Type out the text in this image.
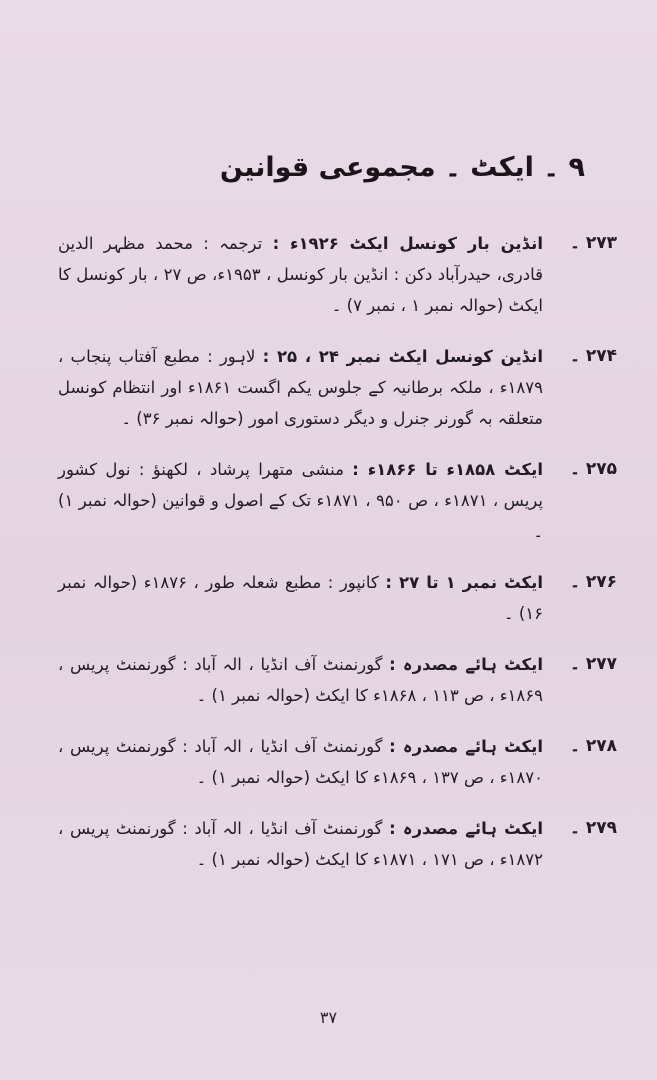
۹ ۔ ایکٹ ۔ مجموعی قوانین
۲۷۳ ۔
انڈین بار کونسل ایکٹ ۱۹۲۶ء : ترجمہ : محمد مظہر الدین قادری، حیدرآباد دکن : انڈین بار کونسل ، ۱۹۵۳ء، ص ۲۷ ، بار کونسل کا ایکٹ (حوالہ نمبر ۱ ، نمبر ۷) ۔
۲۷۴ ۔
انڈین کونسل ایکٹ نمبر ۲۴ ، ۲۵ : لاہور : مطبع آفتاب پنجاب ، ۱۸۷۹ء ، ملکہ برطانیہ کے جلوس یکم اگست ۱۸۶۱ء اور انتظام کونسل متعلقہ بہ گورنر جنرل و دیگر دستوری امور (حوالہ نمبر ۳۶) ۔
۲۷۵ ۔
ایکٹ ۱۸۵۸ء تا ۱۸۶۶ء : منشی متھرا پرشاد ، لکھنؤ : نول کشور پریس ، ۱۸۷۱ء ، ص ۹۵۰ ، ۱۸۷۱ء تک کے اصول و قوانین (حوالہ نمبر ۱) ۔
۲۷۶ ۔
ایکٹ نمبر ۱ تا ۲۷ : کانپور : مطبع شعلہ طور ، ۱۸۷۶ء (حوالہ نمبر ۱۶) ۔
۲۷۷ ۔
ایکٹ ہائے مصدرہ : گورنمنٹ آف انڈیا ، الہ آباد : گورنمنٹ پریس ، ۱۸۶۹ء ، ص ۱۱۳ ، ۱۸۶۸ء کا ایکٹ (حوالہ نمبر ۱) ۔
۲۷۸ ۔
ایکٹ ہائے مصدرہ : گورنمنٹ آف انڈیا ، الہ آباد : گورنمنٹ پریس ، ۱۸۷۰ء ، ص ۱۳۷ ، ۱۸۶۹ء کا ایکٹ (حوالہ نمبر ۱) ۔
۲۷۹ ۔
ایکٹ ہائے مصدرہ : گورنمنٹ آف انڈیا ، الہ آباد : گورنمنٹ پریس ، ۱۸۷۲ء ، ص ۱۷۱ ، ۱۸۷۱ء کا ایکٹ (حوالہ نمبر ۱) ۔
۳۷
